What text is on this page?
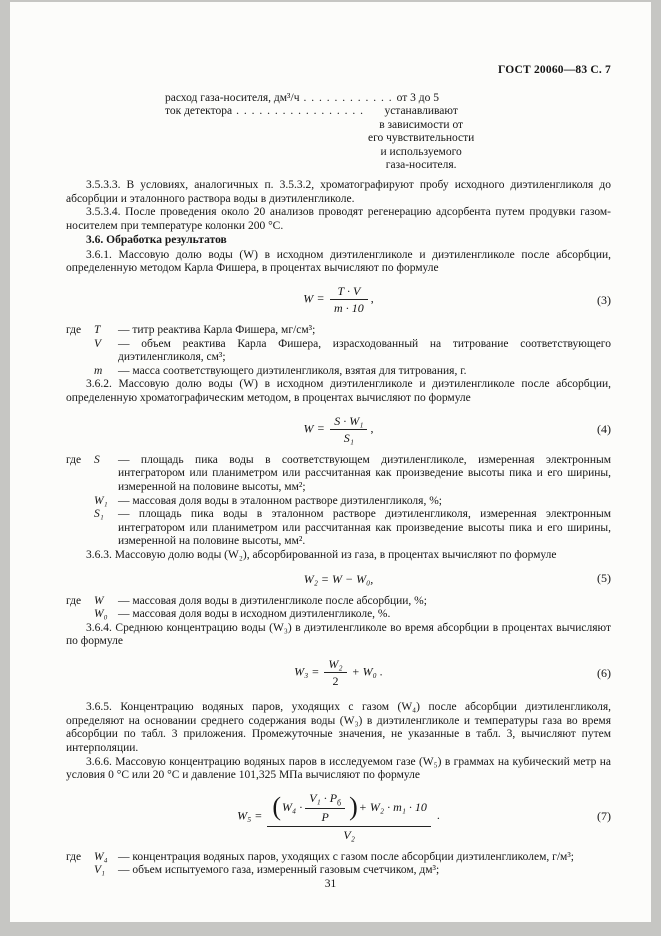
ГОСТ 20060—83 С. 7
расход газа-носителя, дм³/ч . . . . . . . . . . . . от 3 до 5
ток детектора . . . . . . . . . . . . . . . . .	устанавливают
в зависимости от
его чувствительности
и используемого
газа-носителя.
3.5.3.3. В условиях, аналогичных п. 3.5.3.2, хроматографируют пробу исходного диэтиленгликоля до абсорбции и эталонного раствора воды в диэтиленгликоле.
3.5.3.4. После проведения около 20 анализов проводят регенерацию адсорбента путем продувки газом-носителем при температуре колонки 200 °С.
3.6. Обработка результатов
3.6.1. Массовую долю воды (W) в исходном диэтиленгликоле и диэтиленгликоле после абсорбции, определенную методом Карла Фишера, в процентах вычисляют по формуле
$W = \frac{T \cdot V}{m \cdot 10}$ ,	(3)
где	T	— титр реактива Карла Фишера, мг/см³;
V	— объем реактива Карла Фишера, израсходованный на титрование соответствующего диэтиленгликоля, см³;
m	— масса соответствующего диэтиленгликоля, взятая для титрования, г.
3.6.2. Массовую долю воды (W) в исходном диэтиленгликоле и диэтиленгликоле после абсорбции, определенную хроматографическим методом, в процентах вычисляют по формуле
$W = \frac{\text{S · W₁}}{\text{S₁}}$ ,	(4)
где	S	— площадь пика воды в соответствующем диэтиленгликоле, измеренная электронным интегратором или планиметром или рассчитанная как произведение высоты пика и его ширины, измеренной на половине высоты, мм²;
W₁ — массовая доля воды в эталонном растворе диэтиленгликоля, %;
S₁	— площадь пика воды в эталонном растворе диэтиленгликоля, измеренная электронным интегратором или планиметром или рассчитанная как произведение высоты пика и его ширины, измеренной на половине высоты, мм².
3.6.3. Массовую долю воды (W₂), абсорбированной из газа, в процентах вычисляют по формуле
W₂ = W − W₀,	(5)
где	W	— массовая доля воды в диэтиленгликоле после абсорбции, %;
W₀ — массовая доля воды в исходном диэтиленгликоле, %.
3.6.4. Среднюю концентрацию воды (W₃) в диэтиленгликоле во время абсорбции в процентах вычисляют по формуле
$W_3 = \frac{\text{W₂}}{2} + W_0$ .	(6)
3.6.5. Концентрацию водяных паров, уходящих с газом (W₄) после абсорбции диэтиленгликоля, определяют на основании среднего содержания воды (W₃) в диэтиленгликоле и температуры газа во время абсорбции по табл. 3 приложения. Промежуточные значения, не указанные в табл. 3, вычисляют путем интерполяции.
3.6.6. Массовую концентрацию водяных паров в исследуемом газе (W₅) в граммах на кубический метр на условия 0 °С или 20 °С и давление 101,325 МПа вычисляют по формуле
$W_5 = \frac{(W_4 \cdot \frac{V_1 \cdot P_б}{P} )+ W_2 \cdot m_1 \cdot 10}{\text{V₂}}$ .	(7)
где	W₄ — концентрация водяных паров, уходящих с газом после абсорбции диэтиленгликолем, г/м³;
V₁	— объем испытуемого газа, измеренный газовым счетчиком, дм³;
31
